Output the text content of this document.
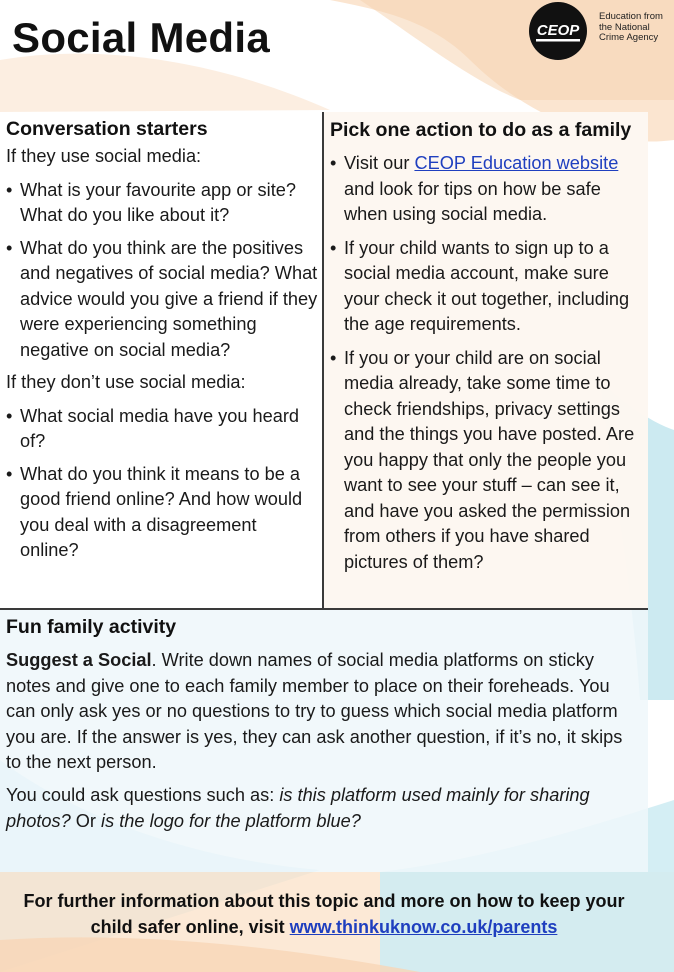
Social Media	CEOP
Education from
the National
Crime Agency
Conversation starters
If they use social media:
• What is your favourite app or site? What do you like about it?
• What do you think are the positives and negatives of social media? What advice would you give a friend if they were experiencing something negative on social media?
If they don’t use social media:
• What social media have you heard of?
• What do you think it means to be a good friend online? And how would you deal with a disagreement online?
Pick one action to do as a family
• Visit our CEOP Education website and look for tips on how be safe when using social media.
• If your child wants to sign up to a social media account, make sure your check it out together, including the age requirements.
• If you or your child are on social media already, take some time to check friendships, privacy settings and the things you have posted. Are you happy that only the people you want to see your stuff – can see it, and have you asked the permission from others if you have shared pictures of them?
Fun family activity
Suggest a Social. Write down names of social media platforms on sticky notes and give one to each family member to place on their foreheads. You can only ask yes or no questions to try to guess which social media platform you are. If the answer is yes, they can ask another question, if it’s no, it skips to the next person.
You could ask questions such as: is this platform used mainly for sharing photos? Or is the logo for the platform blue?
For further information about this topic and more on how to keep your
child safer online, visit www.thinkuknow.co.uk/parents
